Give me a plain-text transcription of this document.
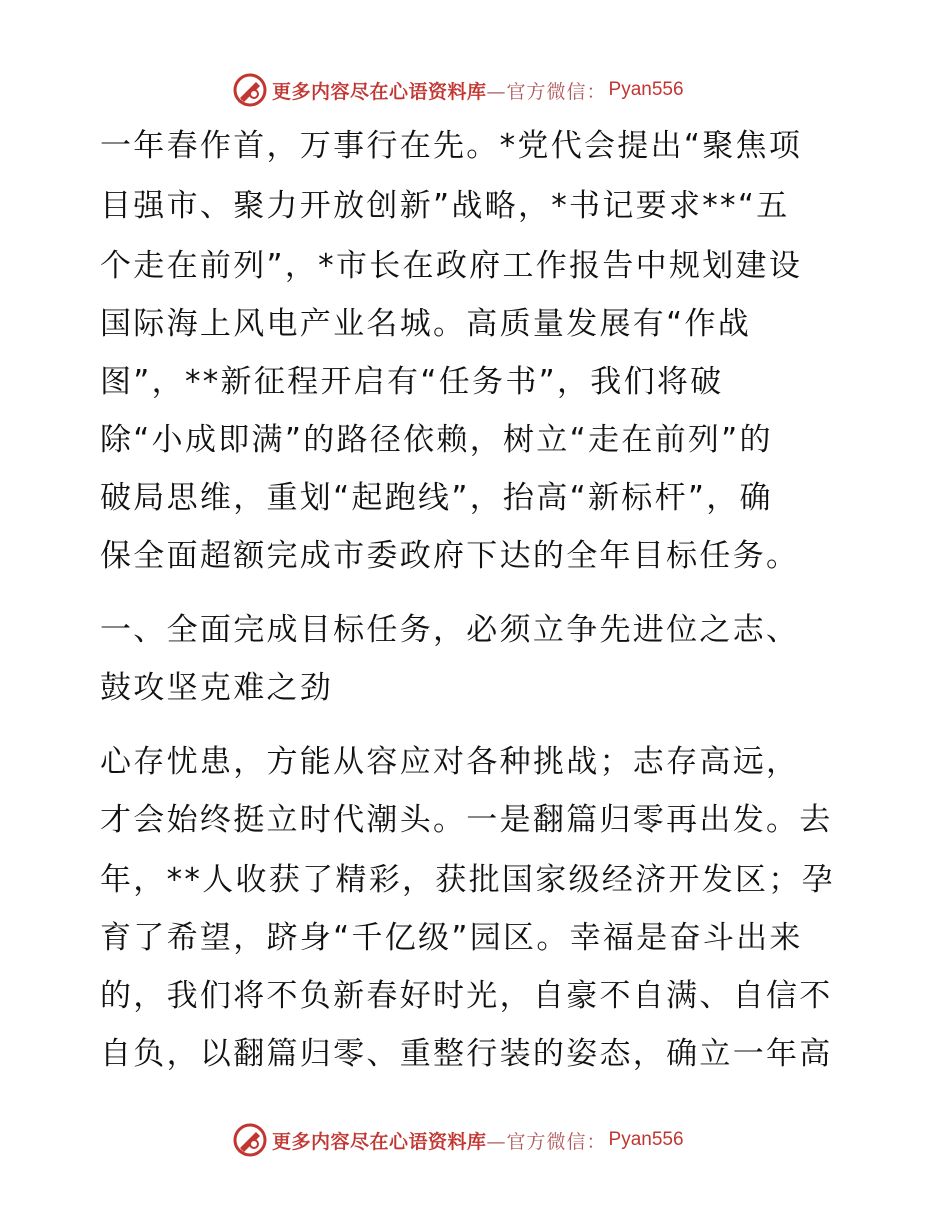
更多内容尽在心语资料库 —官方微信： Pyan556
一年春作首，万事行在先。*党代会提出“聚焦项
目强市、聚力开放创新”战略，*书记要求**“五
个走在前列”，*市长在政府工作报告中规划建设
国际海上风电产业名城。高质量发展有“作战
图”，**新征程开启有“任务书”，我们将破
除“小成即满”的路径依赖，树立“走在前列”的
破局思维，重划“起跑线”，抬高“新标杆”，确
保全面超额完成市委政府下达的全年目标任务。
一、全面完成目标任务，必须立争先进位之志、
鼓攻坚克难之劲
心存忧患，方能从容应对各种挑战；志存高远，
才会始终挺立时代潮头。一是翻篇归零再出发。去
年，**人收获了精彩，获批国家级经济开发区；孕
育了希望，跻身“千亿级”园区。幸福是奋斗出来
的，我们将不负新春好时光，自豪不自满、自信不
自负，以翻篇归零、重整行装的姿态，确立一年高
更多内容尽在心语资料库 —官方微信： Pyan556
